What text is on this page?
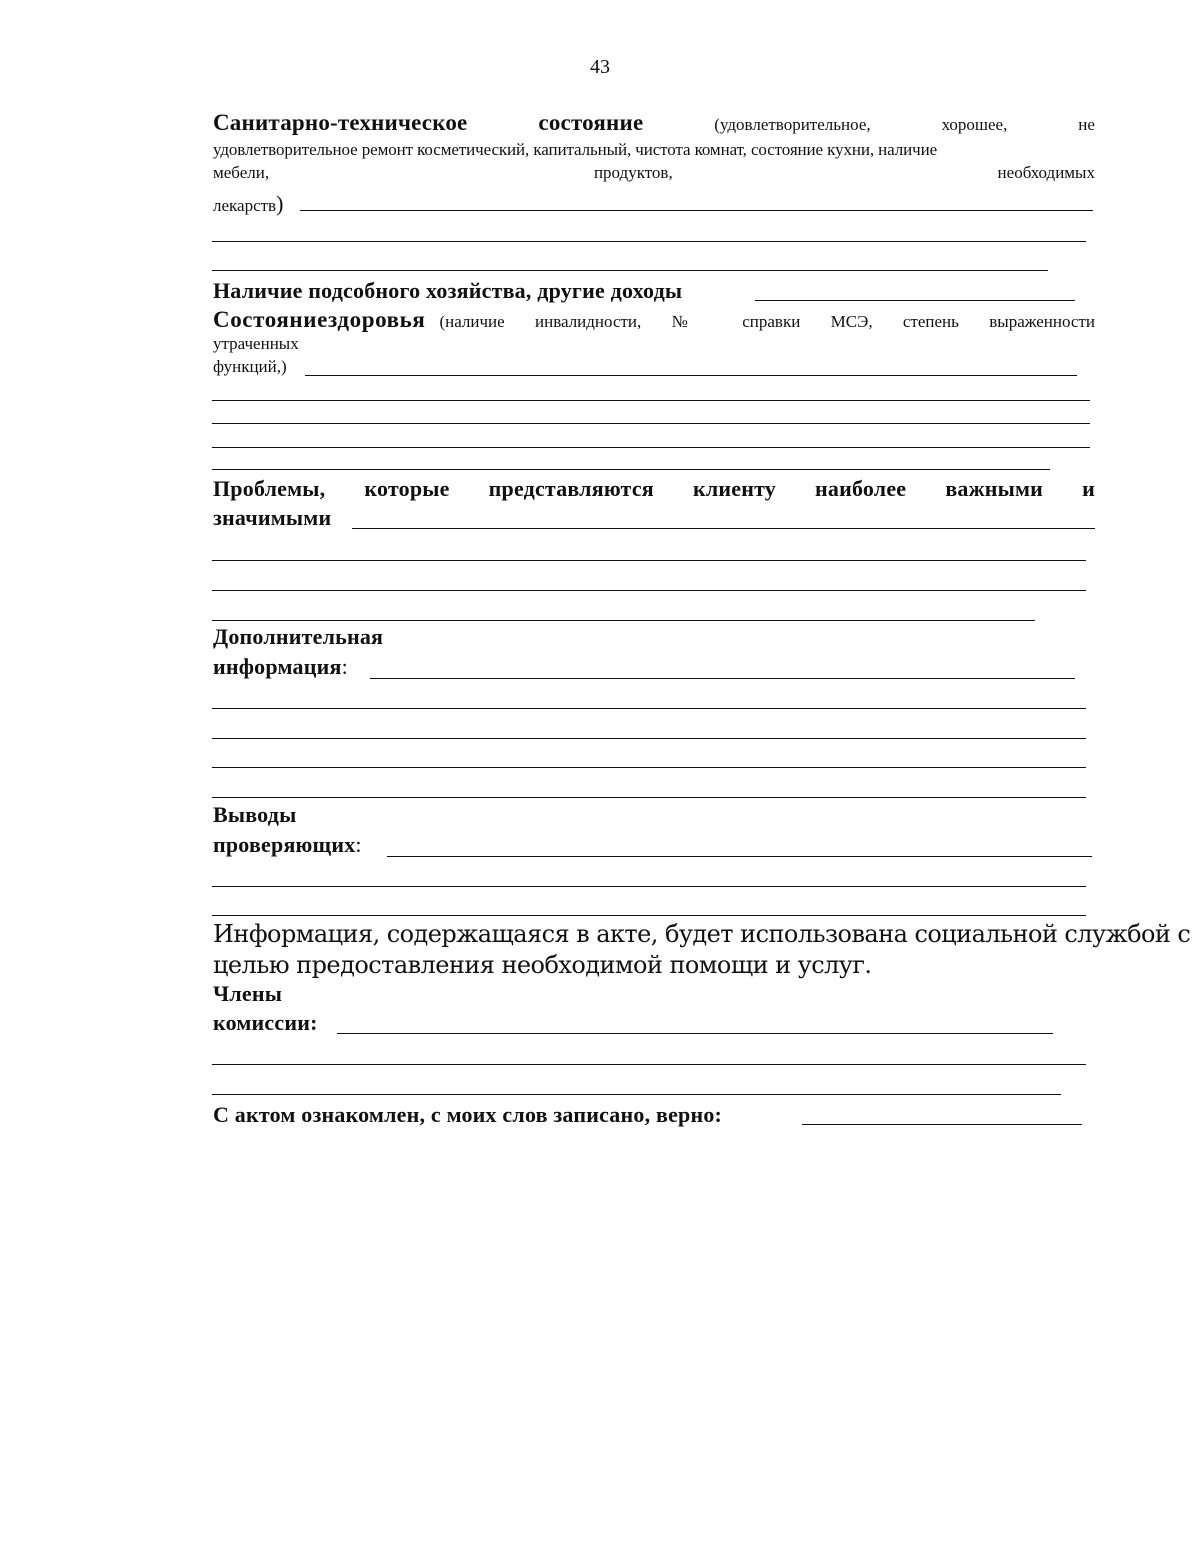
43
Санитарно-техническое	состояние	(удовлетворительное,	хорошее,	не
удовлетворительное ремонт косметический, капитальный, чистота комнат, состояние кухни, наличие
мебели,	продуктов,	необходимых
лекарств)
Наличие подсобного хозяйства, другие доходы
Состояние здоровья (наличие инвалидности, № справки МСЭ, степень выраженности
утраченных
функций,)
Проблемы, которые представляются клиенту наиболее важными и
значимыми
Дополнительная
информация:
Выводы
проверяющих:
Информация, содержащаяся в акте, будет использована социальной службой с
целью предоставления необходимой помощи и услуг.
Члены
комиссии:
С актом ознакомлен, с моих слов записано, верно:
